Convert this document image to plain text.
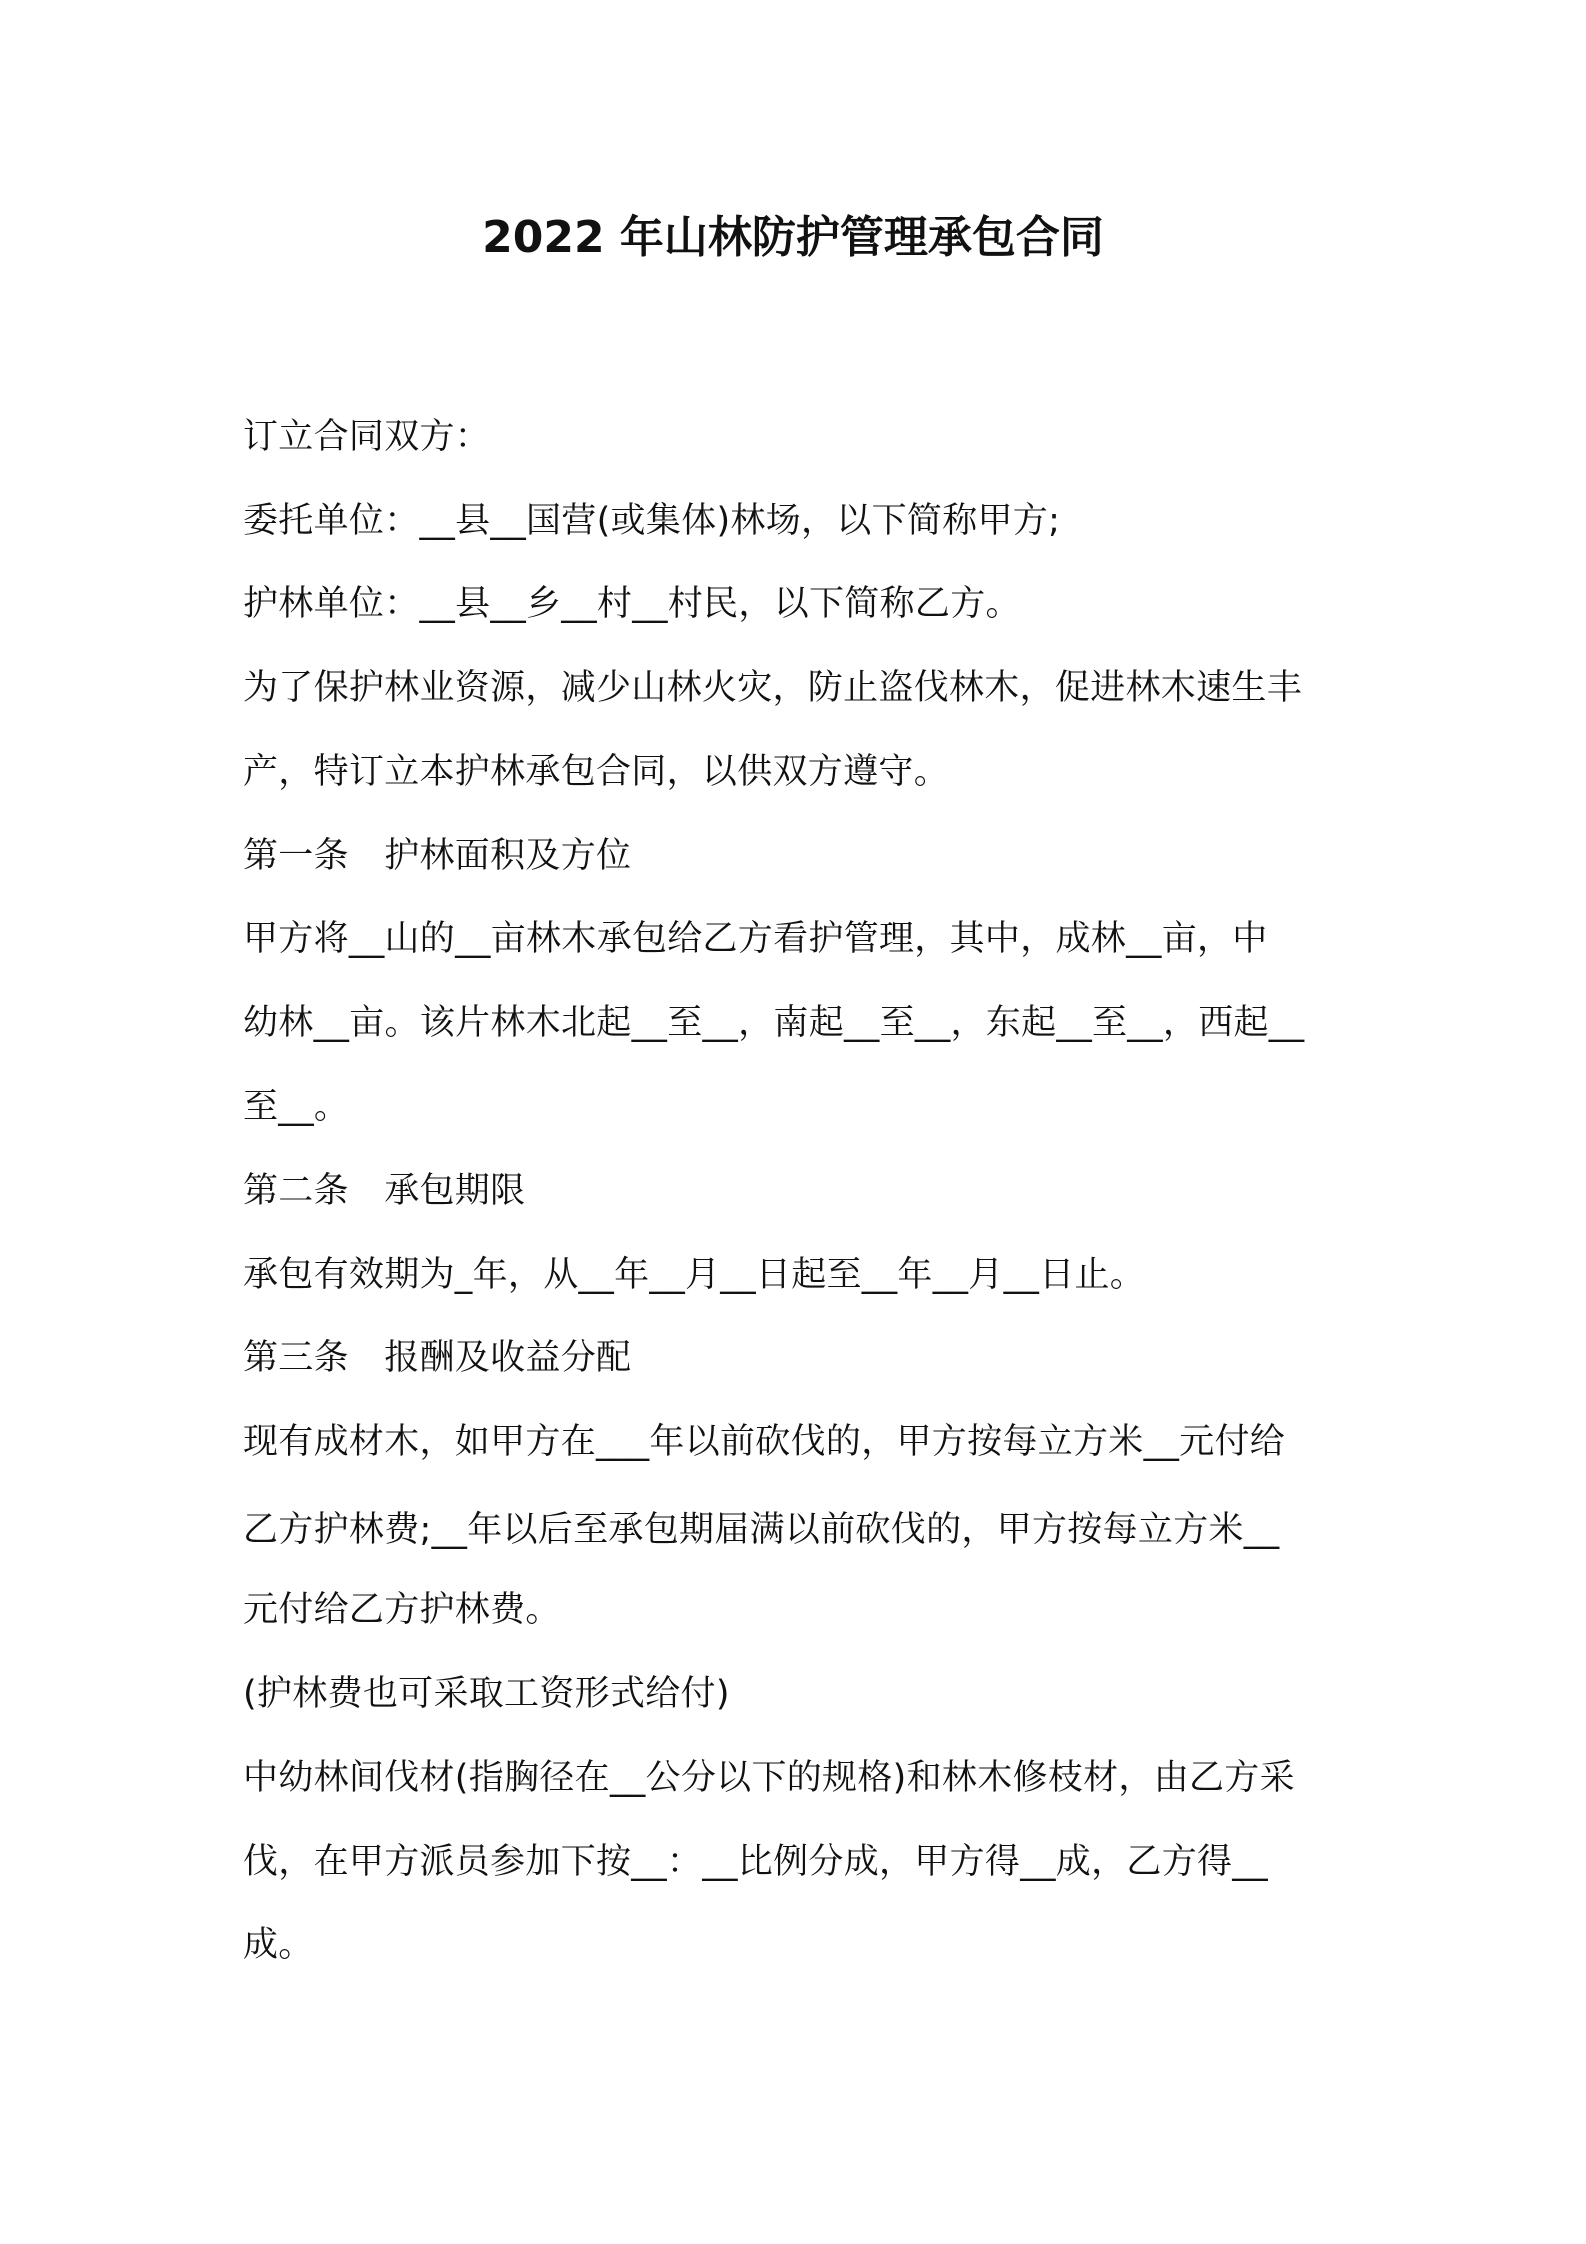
2022 年山林防护管理承包合同
订立合同双方：
委托单位：__县__国营(或集体)林场，以下简称甲方;
护林单位：__县__乡__村__村民，以下简称乙方。
为了保护林业资源，减少山林火灾，防止盗伐林木，促进林木速生丰
产，特订立本护林承包合同，以供双方遵守。
第一条　护林面积及方位
甲方将__山的__亩林木承包给乙方看护管理，其中，成林__亩，中
幼林__亩。该片林木北起__至__，南起__至__，东起__至__，西起__
至__。
第二条　承包期限
承包有效期为_年，从__年__月__日起至__年__月__日止。
第三条　报酬及收益分配
现有成材木，如甲方在___年以前砍伐的，甲方按每立方米__元付给
乙方护林费;__年以后至承包期届满以前砍伐的，甲方按每立方米__
元付给乙方护林费。
(护林费也可采取工资形式给付)
中幼林间伐材(指胸径在__公分以下的规格)和林木修枝材，由乙方采
伐，在甲方派员参加下按__：__比例分成，甲方得__成，乙方得__
成。
